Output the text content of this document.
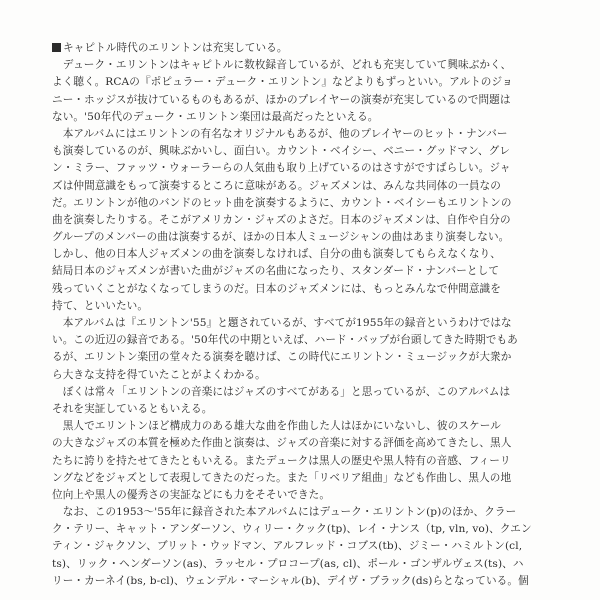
キャピトル時代のエリントンは充実している。
　デューク・エリントンはキャピトルに数枚録音しているが、どれも充実していて興味ぶかく、
よく聴く。RCAの『ポピュラー・デューク・エリントン』などよりもずっといい。アルトのジョ
ニー・ホッジスが抜けているものもあるが、ほかのプレイヤーの演奏が充実しているので問題は
ない。'50年代のデューク・エリントン楽団は最高だったといえる。
　本アルバムにはエリントンの有名なオリジナルもあるが、他のプレイヤーのヒット・ナンバー
も演奏しているのが、興味ぶかいし、面白い。カウント・ベイシー、ベニー・グッドマン、グレ
ン・ミラー、ファッツ・ウォーラーらの人気曲も取り上げているのはさすがですばらしい。ジャ
ズは仲間意識をもって演奏するところに意味がある。ジャズメンは、みんな共同体の一員なの
だ。エリントンが他のバンドのヒット曲を演奏するように、カウント・ベイシーもエリントンの
曲を演奏したりする。そこがアメリカン・ジャズのよさだ。日本のジャズメンは、自作や自分の
グループのメンバーの曲は演奏するが、ほかの日本人ミュージシャンの曲はあまり演奏しない。
しかし、他の日本人ジャズメンの曲を演奏しなければ、自分の曲も演奏してもらえなくなり、
結局日本のジャズメンが書いた曲がジャズの名曲になったり、スタンダード・ナンバーとして
残っていくことがなくなってしまうのだ。日本のジャズメンには、もっとみんなで仲間意識を
持て、といいたい。
　本アルバムは『エリントン'55』と題されているが、すべてが1955年の録音というわけではな
い。この近辺の録音である。'50年代の中期といえば、ハード・バップが台頭してきた時期でもあ
るが、エリントン楽団の堂々たる演奏を聴けば、この時代にエリントン・ミュージックが大衆か
ら大きな支持を得ていたことがよくわかる。
　ぼくは常々「エリントンの音楽にはジャズのすべてがある」と思っているが、このアルバムは
それを実証しているともいえる。
　黒人でエリントンほど構成力のある雄大な曲を作曲した人はほかにいないし、彼のスケール
の大きなジャズの本質を極めた作曲と演奏は、ジャズの音楽に対する評価を高めてきたし、黒人
たちに誇りを持たせてきたともいえる。またデュークは黒人の歴史や黒人特有の音感、フィーリ
ングなどをジャズとして表現してきたのだった。また「リベリア組曲」なども作曲し、黒人の地
位向上や黒人の優秀さの実証などにも力をそそいできた。
　なお、この1953～'55年に録音された本アルバムにはデューク・エリントン(p)のほか、クラー
ク・テリー、キャット・アンダーソン、ウィリー・クック(tp)、レイ・ナンス（tp, vln, vo)、クエン
ティン・ジャクソン、ブリット・ウッドマン、アルフレッド・コブス(tb)、ジミー・ハミルトン(cl,
ts)、リック・ヘンダーソン(as)、ラッセル・プロコープ(as, cl)、ポール・ゴンザルヴェス(ts)、ハ
リー・カーネイ(bs, b-cl)、ウェンデル・マーシャル(b)、デイヴ・ブラック(ds)らとなっている。個
